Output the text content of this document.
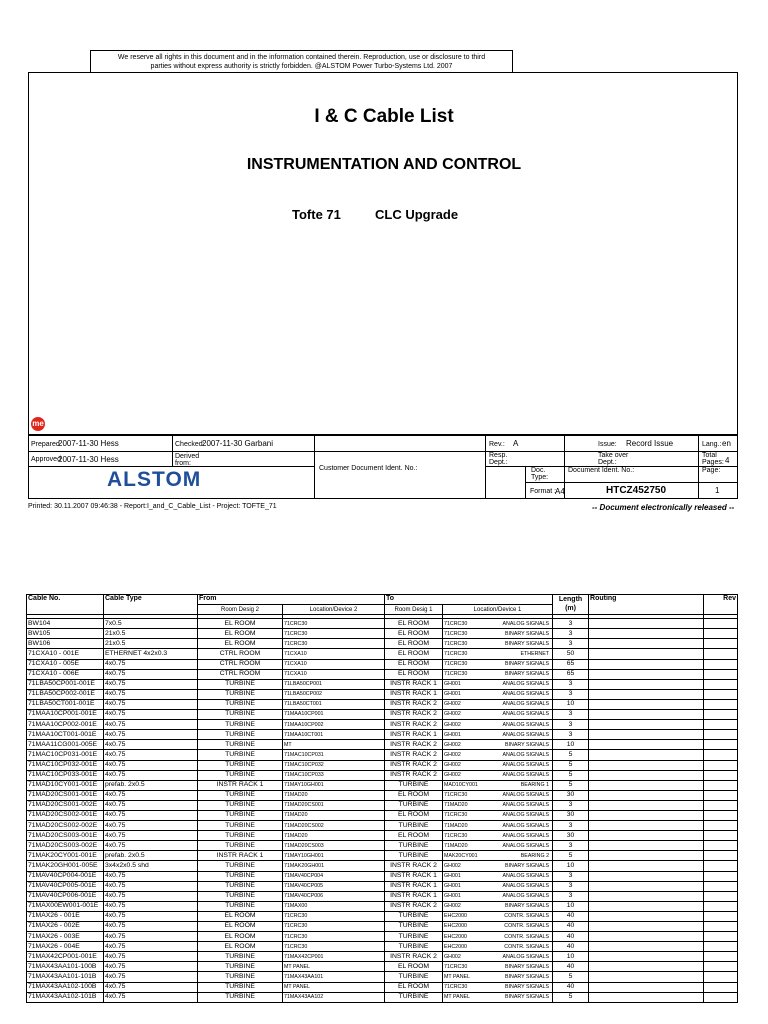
We reserve all rights in this document and in the information contained therein. Reproduction, use or disclosure to third
parties without express authority is strictly forbidden. @ALSTOM Power Turbo-Systems Ltd. 2007
I & C Cable List
INSTRUMENTATION AND CONTROL
Tofte 71	CLC Upgrade
me
Prepared
2007-11-30 Hess
Approved
2007-11-30 Hess
Checked:
2007-11-30 Garbani
Derived from:
Customer Document Ident. No.:
Rev.: A	Issue: Record Issue	Lang.: en
Resp. Dept.:
Take over Dept.:
Total Pages: 4
Doc. Type:
Document Ident. No.:	Page:
Format :
A4	HTCZ452750	1
ALSTOM
Printed: 30.11.2007 09:46:38 - Report:I_and_C_Cable_List - Project: TOFTE_71	-- Document electronically released --
Cable No.	Cable Type	From		To		Length (m)	Routing	Rev
		Room Desig 2	Location/Device 2	Room Desig 1	Location/Device 1			

BW104	7x0.5	EL ROOM	71CRC30	EL ROOM	71CRC30 ANALOG SIGNALS	3		
BW105	21x0.5	EL ROOM	71CRC30	EL ROOM	71CRC30 BINARY SIGNALS	3		
BW106	21x0.5	EL ROOM	71CRC30	EL ROOM	71CRC30 BINARY SIGNALS	3		
71CXA10 - 001E	ETHERNET 4x2x0.3	CTRL ROOM	71CXA10	EL ROOM	71CRC30 ETHERNET	50		
71CXA10 - 005E	4x0.75	CTRL ROOM	71CXA10	EL ROOM	71CRC30 BINARY SIGNALS	65		
71CXA10 - 006E	4x0.75	CTRL ROOM	71CXA10	EL ROOM	71CRC30 BINARY SIGNALS	65		
71LBA50CP001-001E	4x0.75	TURBINE	71LBA50CP001	INSTR RACK 1	GH001 ANALOG SIGNALS	3		
71LBA50CP002-001E	4x0.75	TURBINE	71LBA50CP002	INSTR RACK 1	GH001 ANALOG SIGNALS	3		
71LBA50CT001-001E	4x0.75	TURBINE	71LBA50CT001	INSTR RACK 2	GH002 ANALOG SIGNALS	10		
71MAA10CP001-001E	4x0.75	TURBINE	71MAA10CP001	INSTR RACK 2	GH002 ANALOG SIGNALS	3		
71MAA10CP002-001E	4x0.75	TURBINE	71MAA10CP002	INSTR RACK 2	GH002 ANALOG SIGNALS	3		
71MAA10CT001-001E	4x0.75	TURBINE	71MAA10CT001	INSTR RACK 1	GH001 ANALOG SIGNALS	3		
71MAA11CG001-005E	4x0.75	TURBINE	MT	INSTR RACK 2	GH002 BINARY SIGNALS	10		
71MAC10CP031-001E	4x0.75	TURBINE	71MAC10CP031	INSTR RACK 2	GH002 ANALOG SIGNALS	5		
71MAC10CP032-001E	4x0.75	TURBINE	71MAC10CP032	INSTR RACK 2	GH002 ANALOG SIGNALS	5		
71MAC10CP033-001E	4x0.75	TURBINE	71MAC10CP033	INSTR RACK 2	GH002 ANALOG SIGNALS	5		
71MAD10CY001-001E	prefab. 2x0.5	INSTR RACK 1	71MAY10GH001	TURBINE	MAD10CY001 BEARING 1	5		
71MAD20CS001-001E	4x0.75	TURBINE	71MAD20	EL ROOM	71CRC30 ANALOG SIGNALS	30		
71MAD20CS001-002E	4x0.75	TURBINE	71MAD20CS001	TURBINE	71MAD20 ANALOG SIGNALS	3		
71MAD20CS002-001E	4x0.75	TURBINE	71MAD20	EL ROOM	71CRC30 ANALOG SIGNALS	30		
71MAD20CS002-002E	4x0.75	TURBINE	71MAD20CS002	TURBINE	71MAD20 ANALOG SIGNALS	3		
71MAD20CS003-001E	4x0.75	TURBINE	71MAD20	EL ROOM	71CRC30 ANALOG SIGNALS	30		
71MAD20CS003-002E	4x0.75	TURBINE	71MAD20CS003	TURBINE	71MAD20 ANALOG SIGNALS	3		
71MAK20CY001-001E	prefab. 2x0.5	INSTR RACK 1	71MAY10GH001	TURBINE	MAK20CY001 BEARING 2	5		
71MAK20GH001-005E	3x4x2x0.5 shd	TURBINE	71MAK20GH001	INSTR RACK 2	GH002 BINARY SIGNALS	10		
71MAV40CP004-001E	4x0.75	TURBINE	71MAV40CP004	INSTR RACK 1	GH001 ANALOG SIGNALS	3		
71MAV40CP005-001E	4x0.75	TURBINE	71MAV40CP005	INSTR RACK 1	GH001 ANALOG SIGNALS	3		
71MAV40CP006-001E	4x0.75	TURBINE	71MAV40CP006	INSTR RACK 1	GH001 ANALOG SIGNALS	3		
71MAX00EW001-001E	4x0.75	TURBINE	71MAX00	INSTR RACK 2	GH002 BINARY SIGNALS	10		
71MAX26 - 001E	4x0.75	EL ROOM	71CRC30	TURBINE	EHC2000 CONTR. SIGNALS	40		
71MAX26 - 002E	4x0.75	EL ROOM	71CRC30	TURBINE	EHC2000 CONTR. SIGNALS	40		
71MAX26 - 003E	4x0.75	EL ROOM	71CRC30	TURBINE	EHC2000 CONTR. SIGNALS	40		
71MAX26 - 004E	4x0.75	EL ROOM	71CRC30	TURBINE	EHC2000 CONTR. SIGNALS	40		
71MAX42CP001-001E	4x0.75	TURBINE	71MAX42CP001	INSTR RACK 2	GH002 ANALOG SIGNALS	10		
71MAX43AA101-100B	4x0.75	TURBINE	MT PANEL	EL ROOM	71CRC30 BINARY SIGNALS	40		
71MAX43AA101-101B	4x0.75	TURBINE	71MAX43AA101	TURBINE	MT PANEL BINARY SIGNALS	5		
71MAX43AA102-100B	4x0.75	TURBINE	MT PANEL	EL ROOM	71CRC30 BINARY SIGNALS	40		
71MAX43AA102-101B	4x0.75	TURBINE	71MAX43AA102	TURBINE	MT PANEL BINARY SIGNALS	5		
